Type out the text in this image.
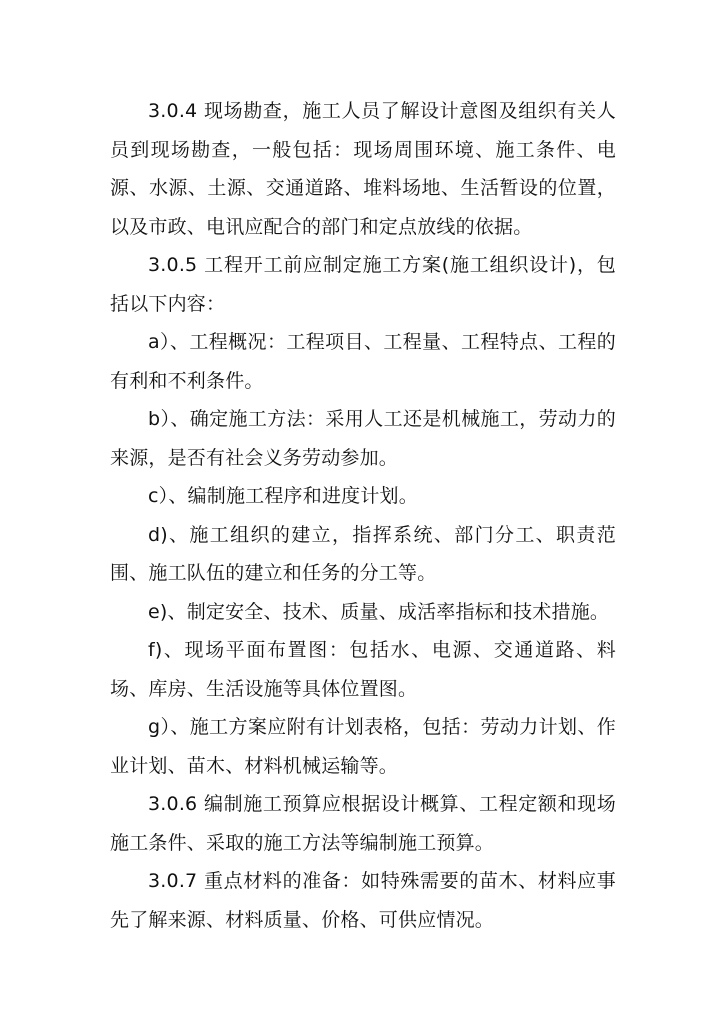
3.0.4 现场勘查，施工人员了解设计意图及组织有关人员到现场勘查，一般包括：现场周围环境、施工条件、电源、水源、土源、交通道路、堆料场地、生活暂设的位置，以及市政、电讯应配合的部门和定点放线的依据。

3.0.5 工程开工前应制定施工方案(施工组织设计)，包括以下内容：

a）、工程概况：工程项目、工程量、工程特点、工程的有利和不利条件。

b）、确定施工方法：采用人工还是机械施工，劳动力的来源，是否有社会义务劳动参加。

c）、编制施工程序和进度计划。

d)、施工组织的建立，指挥系统、部门分工、职责范围、施工队伍的建立和任务的分工等。

e)、制定安全、技术、质量、成活率指标和技术措施。

f)、现场平面布置图：包括水、电源、交通道路、料场、库房、生活设施等具体位置图。

g）、施工方案应附有计划表格，包括：劳动力计划、作业计划、苗木、材料机械运输等。

3.0.6 编制施工预算应根据设计概算、工程定额和现场施工条件、采取的施工方法等编制施工预算。

3.0.7 重点材料的准备：如特殊需要的苗木、材料应事先了解来源、材料质量、价格、可供应情况。
